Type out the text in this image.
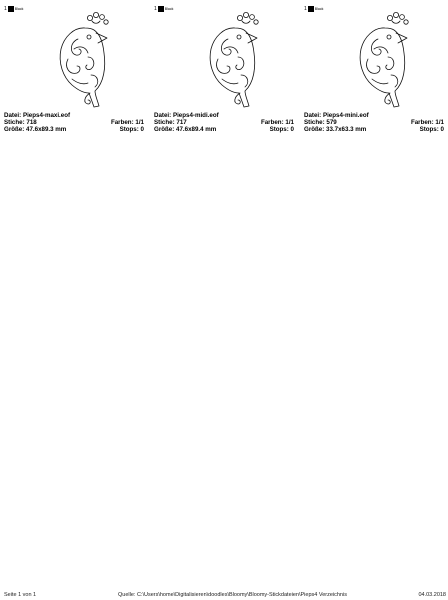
1 Black
Datei: Pieps4-maxi.eof
Stiche: 718	Farben: 1/1
Größe: 47.6x89.3 mm	Stops: 0
1 Black
Datei: Pieps4-midi.eof
Stiche: 717	Farben: 1/1
Größe: 47.6x89.4 mm	Stops: 0
1 Black
Datei: Pieps4-mini.eof
Stiche: 579	Farben: 1/1
Größe: 33.7x63.3 mm	Stops: 0
Seite 1 von 1	Quelle: C:\Users\home\Digitalisieren\doodles\Bloomy\Bloomy-Stickdateien\Pieps4 Verzeichnis	04.03.2018
